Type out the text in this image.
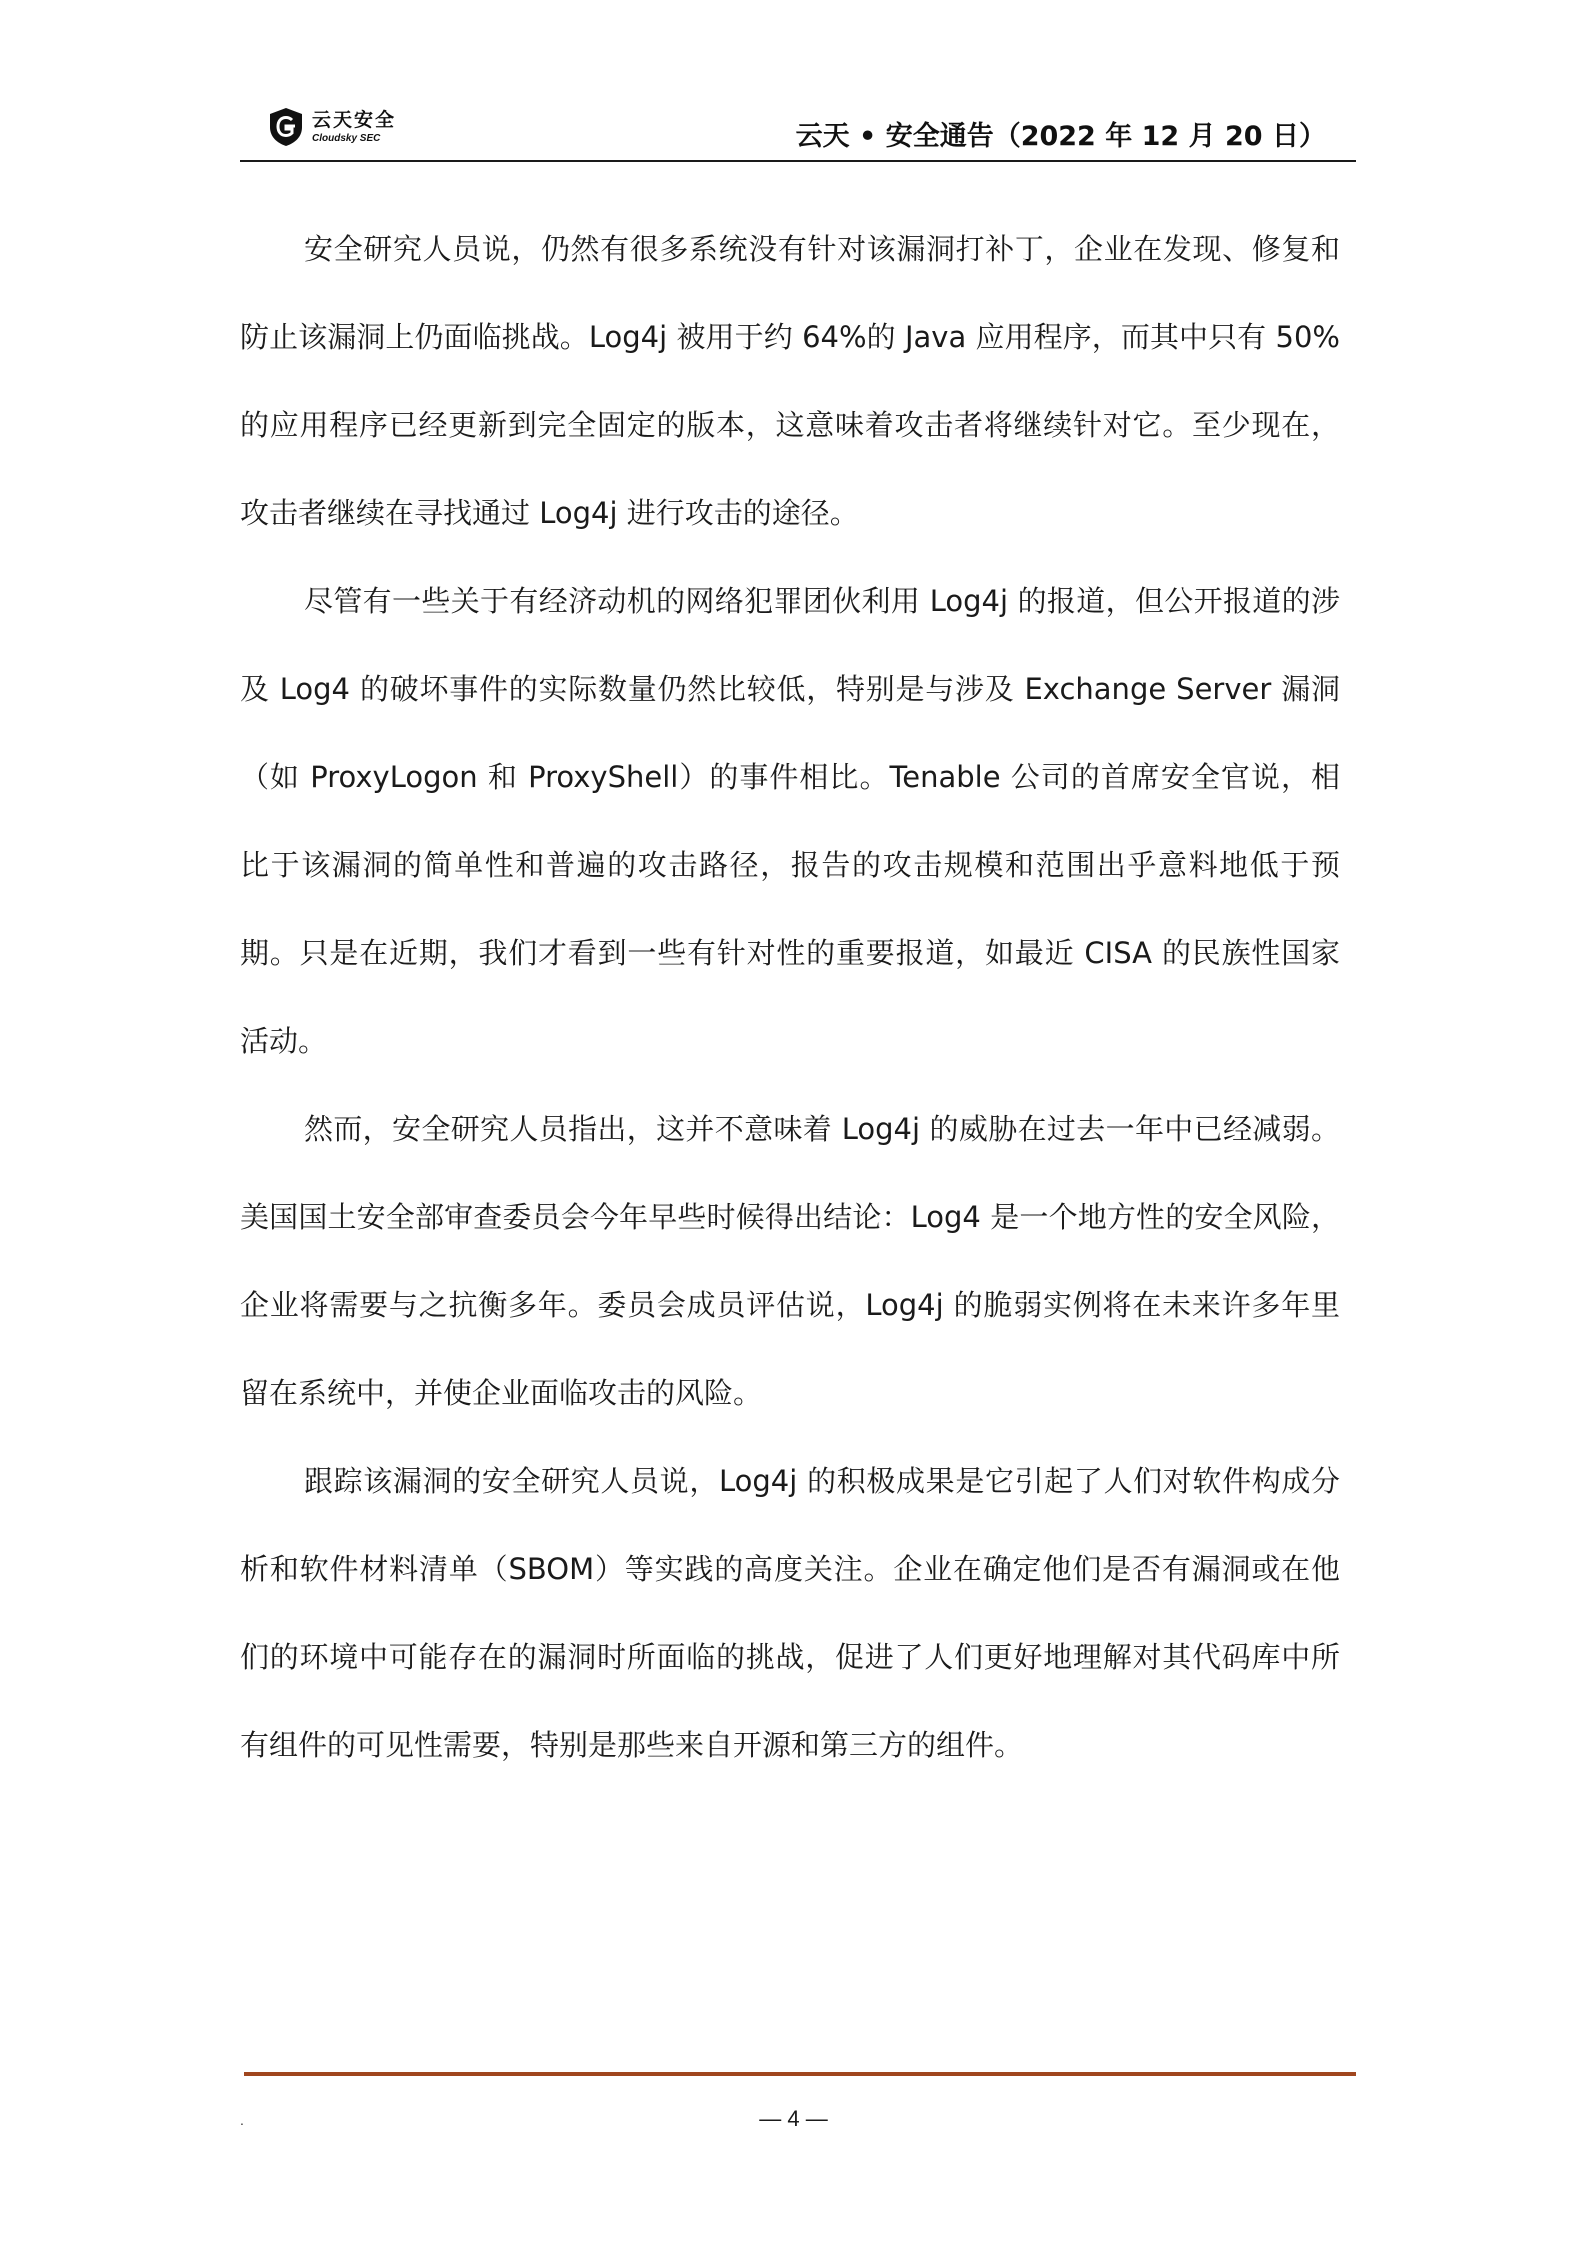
云天安全
Cloudsky SEC	云天 • 安全通告（2022 年 12 月 20 日）

安全研究人员说，仍然有很多系统没有针对该漏洞打补丁，企业在发现、修复和防止该漏洞上仍面临挑战。Log4j 被用于约 64%的 Java 应用程序，而其中只有 50%的应用程序已经更新到完全固定的版本，这意味着攻击者将继续针对它。至少现在，攻击者继续在寻找通过 Log4j 进行攻击的途径。

尽管有一些关于有经济动机的网络犯罪团伙利用 Log4j 的报道，但公开报道的涉及 Log4 的破坏事件的实际数量仍然比较低，特别是与涉及 Exchange Server 漏洞（如 ProxyLogon 和 ProxyShell）的事件相比。Tenable 公司的首席安全官说，相比于该漏洞的简单性和普遍的攻击路径，报告的攻击规模和范围出乎意料地低于预期。只是在近期，我们才看到一些有针对性的重要报道，如最近 CISA 的民族性国家活动。

然而，安全研究人员指出，这并不意味着 Log4j 的威胁在过去一年中已经减弱。美国国土安全部审查委员会今年早些时候得出结论：Log4 是一个地方性的安全风险，企业将需要与之抗衡多年。委员会成员评估说，Log4j 的脆弱实例将在未来许多年里留在系统中，并使企业面临攻击的风险。

跟踪该漏洞的安全研究人员说，Log4j 的积极成果是它引起了人们对软件构成分析和软件材料清单（SBOM）等实践的高度关注。企业在确定他们是否有漏洞或在他们的环境中可能存在的漏洞时所面临的挑战，促进了人们更好地理解对其代码库中所有组件的可见性需要，特别是那些来自开源和第三方的组件。

.	— 4 —
